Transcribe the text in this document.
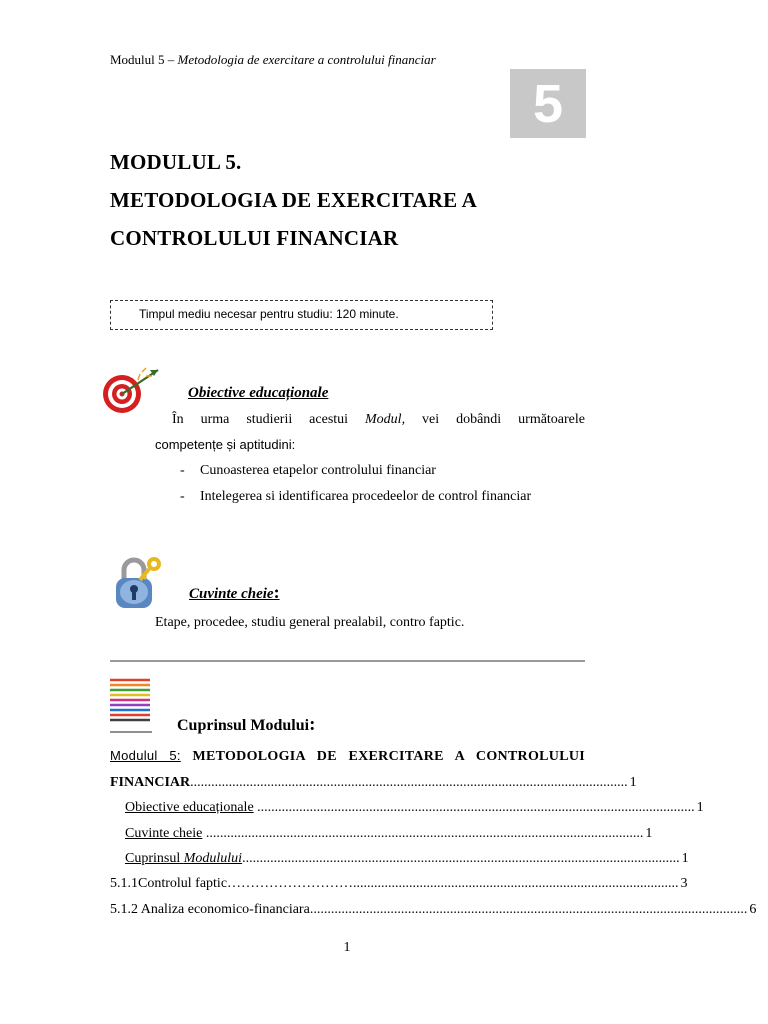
Modulul 5 – Metodologia de exercitare a controlului financiar
5
MODULUL 5.
METODOLOGIA DE EXERCITARE A
CONTROLULUI FINANCIAR
Timpul mediu necesar pentru studiu: 120 minute.
Obiective educaționale
În urma studierii acestui Modul, vei dobândi următoarele
competențe și aptitudini:
- Cunoasterea etapelor controlului financiar
- Intelegerea si identificarea procedeelor de control financiar
Cuvinte cheie:
Etape, procedee, studiu general prealabil, contro faptic.
Cuprinsul Modului:
Modulul 5: METODOLOGIA DE EXERCITARE A CONTROLULUI
FINANCIAR ............................................................................................................................. 1
Obiective educaționale ............................................................................................................................. 1
Cuvinte cheie ............................................................................................................................. 1
Cuprinsul Modulului ............................................................................................................................. 1
5.1.1Controlul faptic ………………………............................................................................................. 3
5.1.2 Analiza economico-financiara ............................................................................................................................. 6
1
